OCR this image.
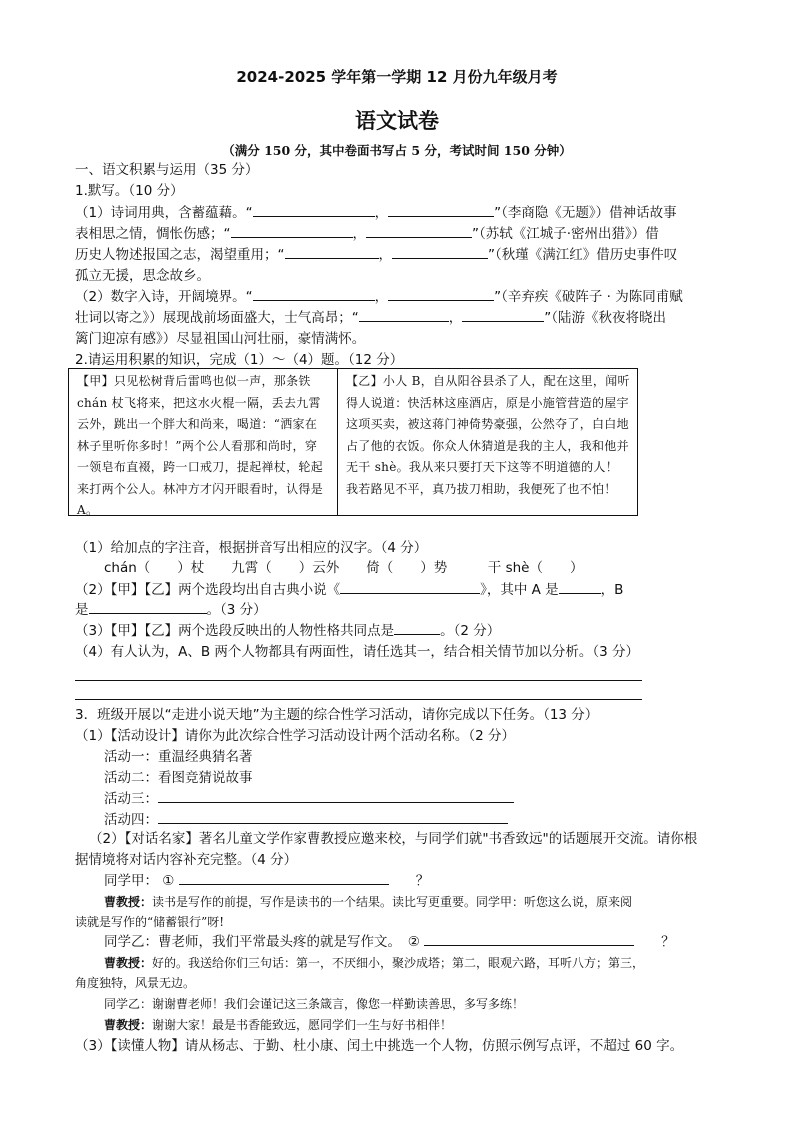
2024-2025 学年第一学期 12 月份九年级月考
语文试卷
（满分 150 分，其中卷面书写占 5 分，考试时间 150 分钟）
一、语文积累与运用（35 分）
1.默写。（10 分）
（1）诗词用典，含蓄蕴藉。“	，	”（李商隐《无题》）借神话故事
表相思之情，惆怅伤感；“	，	”（苏轼《江城子·密州出猎》）借
历史人物述报国之志，渴望重用；“	，	”（秋瑾《满江红》借历史事件叹
孤立无援，思念故乡。
（2）数字入诗，开阔境界。“	，	”（辛弃疾《破阵子 · 为陈同甫赋
壮词以寄之》）展现战前场面盛大，士气高昂；“	，	”（陆游《秋夜将晓出
篱门迎凉有感》）尽显祖国山河壮丽，豪情满怀。
2.请运用积累的知识，完成（1）～（4）题。（12 分）
【甲】只见松树背后雷鸣也似一声，那条铁 chán 杖飞将来，把这水火棍一隔，丢去九霄云外，跳出一个胖大和尚来，喝道：“洒家在林子里听你多时！”两个公人看那和尚时，穿一领皂布直裰，跨一口戒刀，提起禅杖，轮起来打两个公人。林冲方才闪开眼看时，认得是 A。
【乙】小人 B，自从阳谷县杀了人，配在这里，闻听得人说道：快活林这座酒店，原是小施管营造的屋宇这项买卖，被这蒋门神倚势豪强，公然夺了，白白地占了他的衣饭。你众人休猜道是我的主人，我和他并无干 shè。我从来只要打天下这等不明道德的人！我若路见不平，真乃拔刀相助，我便死了也不怕！
（1）给加点的字注音，根据拼音写出相应的汉字。（4 分）
chán（　　）杖　　九霄（　　）云外　　倚（　　）势　　　干 shè（　　）
（2）【甲】【乙】两个选段均出自古典小说《	》，其中 A 是	，B
是	。（3 分）
（3）【甲】【乙】两个选段反映出的人物性格共同点是	。（2 分）
（4）有人认为，A、B 两个人物都具有两面性，请任选其一，结合相关情节加以分析。（3 分）
3．班级开展以“走进小说天地”为主题的综合性学习活动，请你完成以下任务。（13 分）
（1）【活动设计】请你为此次综合性学习活动设计两个活动名称。（2 分）
活动一：重温经典猜名著
活动二：看图竞猜说故事
活动三：
活动四：
（2）【对话名家】著名儿童文学作家曹教授应邀来校，与同学们就"书香致远"的话题展开交流。请你根
据情境将对话内容补充完整。（4 分）
同学甲： ① 　　	？
曹教授：读书是写作的前提，写作是读书的一个结果。读比写更重要。同学甲：听您这么说，原来阅
读就是写作的“储蓄银行”呀!
同学乙：曹老师，我们平常最头疼的就是写作文。　② 　　	？
曹教授：好的。我送给你们三句话：第一，不厌细小，聚沙成塔；第二，眼观六路，耳听八方；第三，
角度独特，风景无边。
同学乙：谢谢曹老师！我们会谨记这三条箴言，像您一样勤读善思，多写多练！
曹教授：谢谢大家！最是书香能致远，愿同学们一生与好书相伴！
（3）【读懂人物】请从杨志、于勤、杜小康、闰土中挑选一个人物，仿照示例写点评，不超过 60 字。
